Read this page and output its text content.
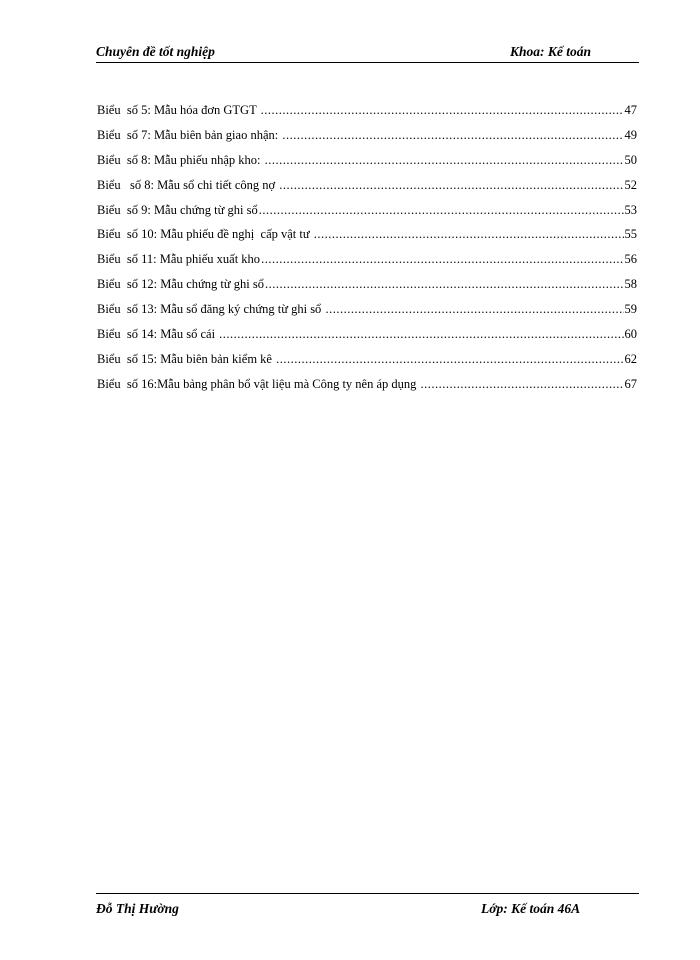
Chuyên đề tốt nghiệp	Khoa: Kế toán
Biểu  số 5: Mẫu hóa đơn GTGT .....	47
Biểu  số 7: Mẫu biên bản giao nhận: .....	49
Biểu  số 8: Mẫu phiếu nhập kho: .....	50
Biểu   số 8: Mẫu sổ chi tiết công nợ .....	52
Biểu  số 9: Mẫu chứng từ ghi sổ .....	53
Biểu  số 10: Mẫu phiếu đề nghị  cấp vật tư .....	55
Biểu  số 11: Mẫu phiếu xuất kho .....	56
Biểu  số 12: Mẫu chứng từ ghi sổ .....	58
Biểu  số 13: Mẫu sổ đăng ký chứng từ ghi sổ .....	59
Biểu  số 14: Mẫu sổ cái .....	60
Biểu  số 15: Mẫu biên bản kiểm kê .....	62
Biểu  số 16:Mẫu bảng phân bổ vật liệu mà Công ty nên áp dụng .....	67
Đỗ Thị Hường	Lớp: Kế toán 46A
